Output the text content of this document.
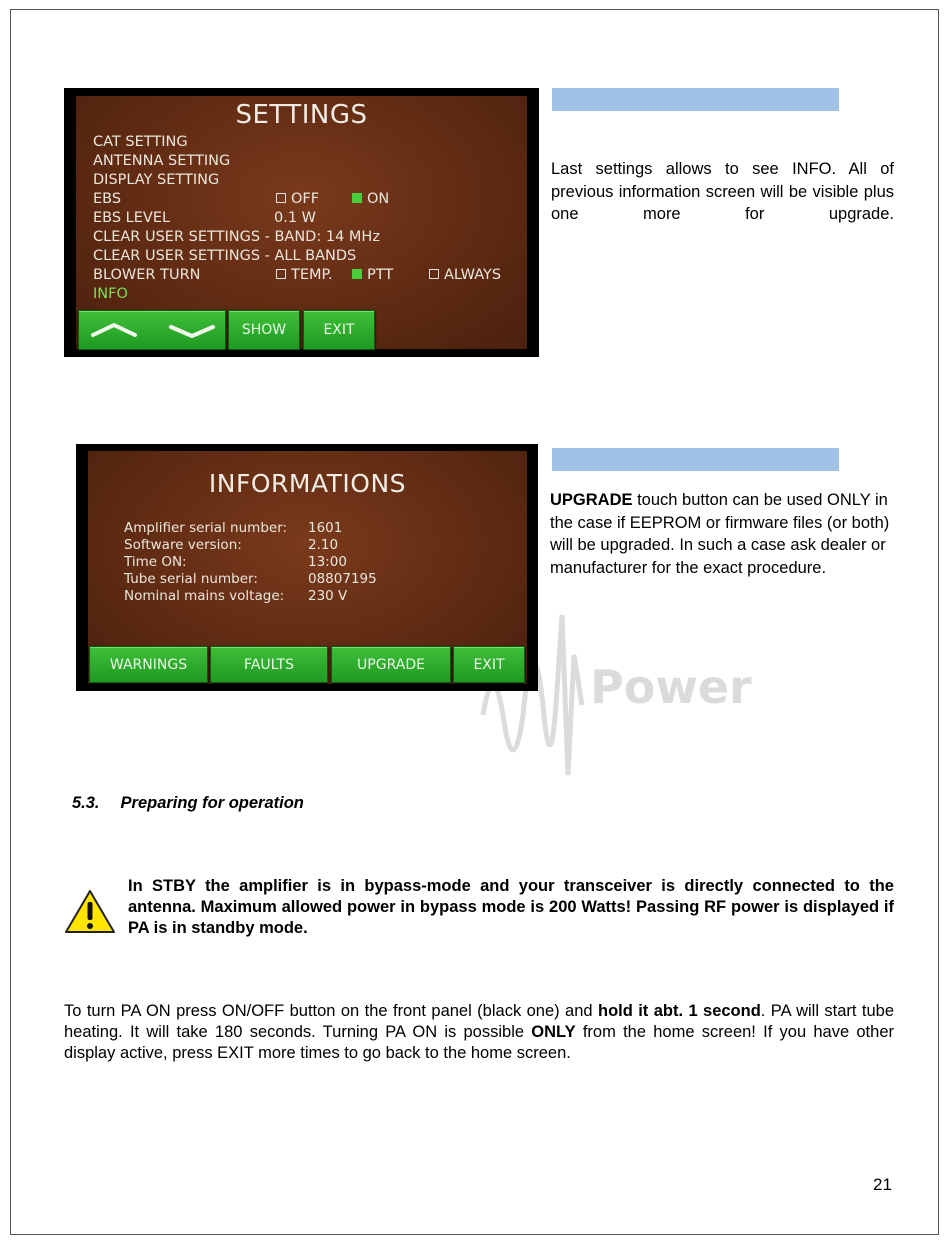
SETTINGS
CAT SETTING
ANTENNA SETTING
DISPLAY SETTING
EBS	OFF	ON
EBS LEVEL	0.1 W
CLEAR USER SETTINGS - BAND: 14 MHz
CLEAR USER SETTINGS - ALL BANDS
BLOWER TURN	TEMP.	PTT	ALWAYS
INFO
SHOW	EXIT
Last settings allows to see INFO. All of previous information screen will be visible plus one more for upgrade.
Power
INFORMATIONS
Amplifier serial number: 1601
Software version:	2.10
Time ON:	13:00
Tube serial number:	08807195
Nominal mains voltage: 230 V
WARNINGS	FAULTS	UPGRADE	EXIT
UPGRADE touch button can be used ONLY in the case if EEPROM or firmware files (or both) will be upgraded. In such a case ask dealer or manufacturer for the exact procedure.
5.3. Preparing for operation
In STBY the amplifier is in bypass-mode and your transceiver is directly connected to the antenna. Maximum allowed power in bypass mode is 200 Watts! Passing RF power is displayed if PA is in standby mode.
To turn PA ON press ON/OFF button on the front panel (black one) and hold it abt. 1 second. PA will start tube heating. It will take 180 seconds. Turning PA ON is possible ONLY from the home screen! If you have other display active, press EXIT more times to go back to the home screen.
21
